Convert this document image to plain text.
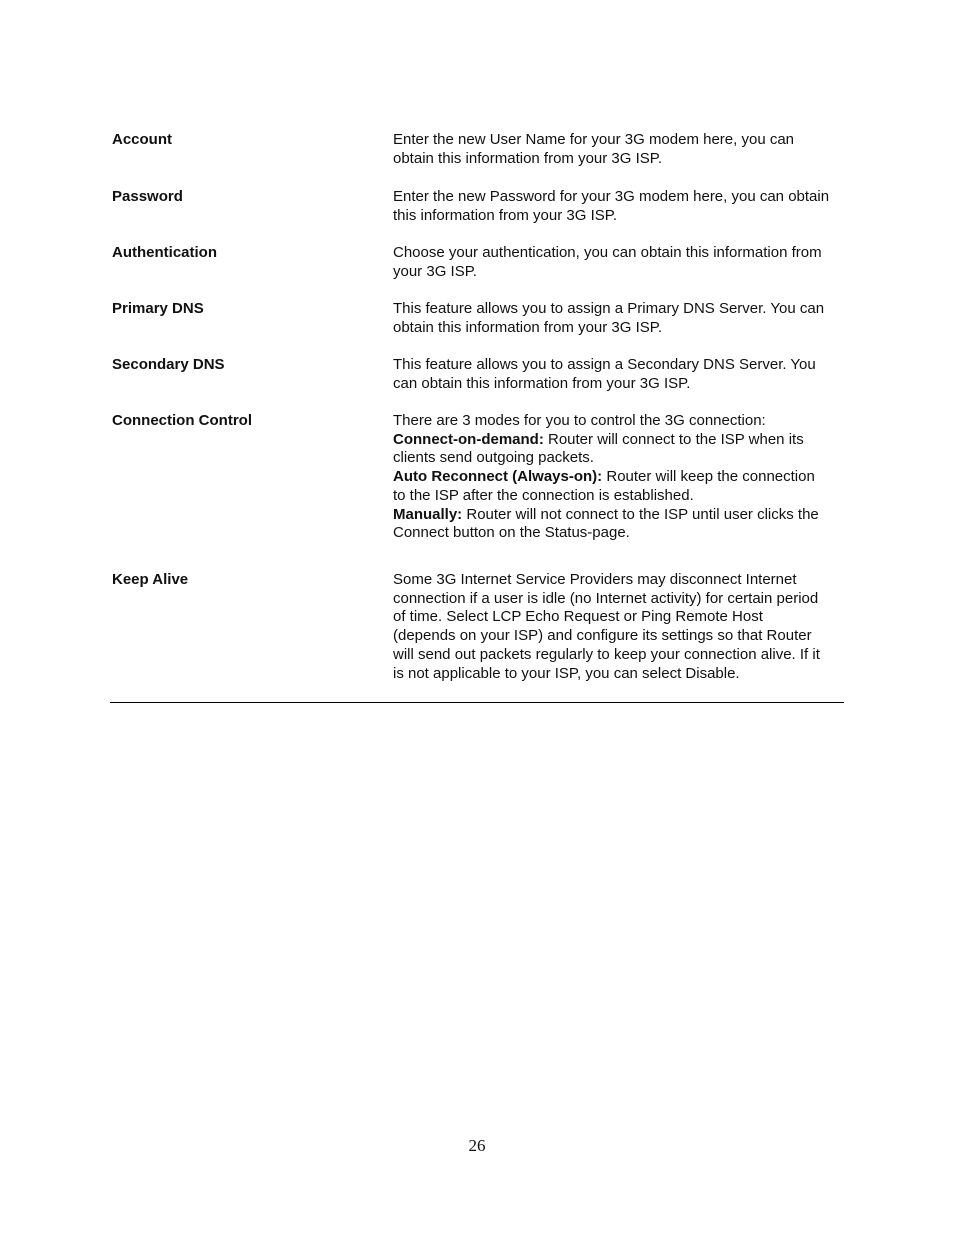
Account	Enter the new User Name for your 3G modem here, you can
obtain this information from your 3G ISP.

Password	Enter the new Password for your 3G modem here, you can obtain
this information from your 3G ISP.

Authentication	Choose your authentication, you can obtain this information from
your 3G ISP.

Primary DNS	This feature allows you to assign a Primary DNS Server. You can
obtain this information from your 3G ISP.

Secondary DNS	This feature allows you to assign a Secondary DNS Server. You
can obtain this information from your 3G ISP.

Connection Control	There are 3 modes for you to control the 3G connection:
Connect-on-demand: Router will connect to the ISP when its
clients send outgoing packets.
Auto Reconnect (Always-on): Router will keep the connection
to the ISP after the connection is established.
Manually: Router will not connect to the ISP until user clicks the
Connect button on the Status-page.

Keep Alive	Some 3G Internet Service Providers may disconnect Internet
connection if a user is idle (no Internet activity) for certain period
of time. Select LCP Echo Request or Ping Remote Host
(depends on your ISP) and configure its settings so that Router
will send out packets regularly to keep your connection alive. If it
is not applicable to your ISP, you can select Disable.
26
